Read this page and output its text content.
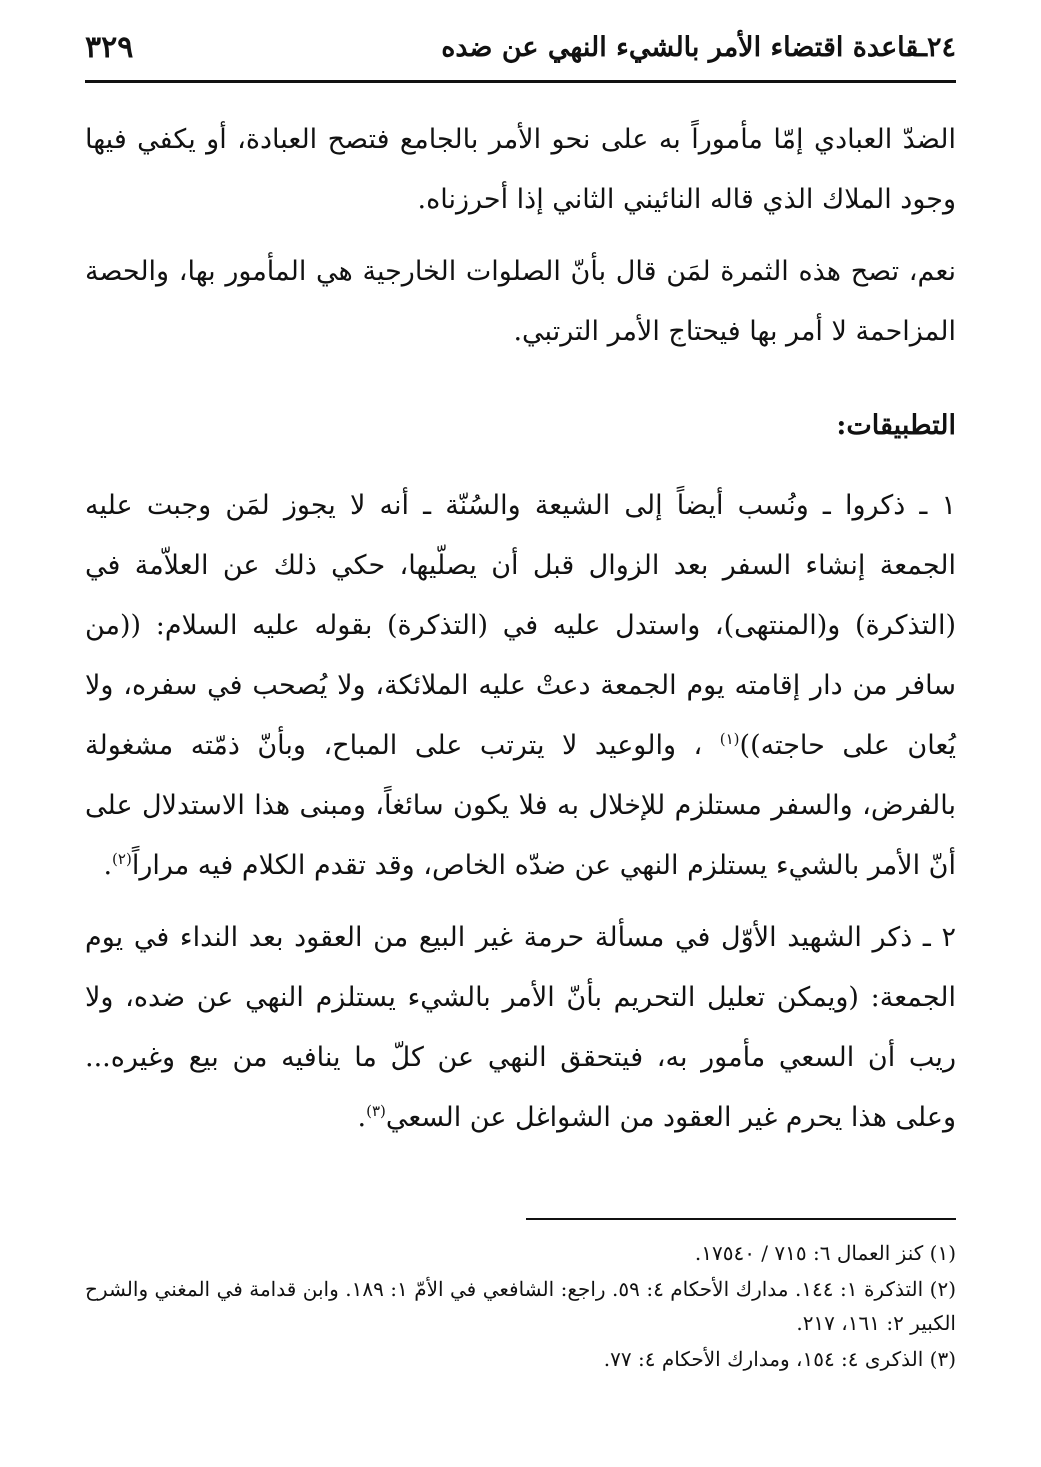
٣٢٩	٢٤ـقاعدة اقتضاء الأمر بالشيء النهي عن ضده

الضدّ العبادي إمّا مأموراً به على نحو الأمر بالجامع فتصح العبادة، أو يكفي فيها وجود الملاك الذي قاله النائيني الثاني إذا أحرزناه.

نعم، تصح هذه الثمرة لمَن قال بأنّ الصلوات الخارجية هي المأمور بها، والحصة المزاحمة لا أمر بها فيحتاج الأمر الترتبي.

التطبيقات:

١ ـ ذكروا ـ ونُسب أيضاً إلى الشيعة والسُنّة ـ أنه لا يجوز لمَن وجبت عليه الجمعة إنشاء السفر بعد الزوال قبل أن يصلّيها، حكي ذلك عن العلاّمة في (التذكرة) و(المنتهى)، واستدل عليه في (التذكرة) بقوله عليه السلام: ((من سافر من دار إقامته يوم الجمعة دعتْ عليه الملائكة، ولا يُصحب في سفره، ولا يُعان على حاجته))$^{(١)}$ ، والوعيد لا يترتب على المباح، وبأنّ ذمّته مشغولة بالفرض، والسفر مستلزم للإخلال به فلا يكون سائغاً، ومبنى هذا الاستدلال على أنّ الأمر بالشيء يستلزم النهي عن ضدّه الخاص، وقد تقدم الكلام فيه مراراً$^{(٢)}$.

٢ ـ ذكر الشهيد الأوّل في مسألة حرمة غير البيع من العقود بعد النداء في يوم الجمعة: (ويمكن تعليل التحريم بأنّ الأمر بالشيء يستلزم النهي عن ضده، ولا ريب أن السعي مأمور به، فيتحقق النهي عن كلّ ما ينافيه من بيع وغيره... وعلى هذا يحرم غير العقود من الشواغل عن السعي$^{(٣)}$.

(١) كنز العمال ٦: ٧١٥ / ١٧٥٤٠.

(٢) التذكرة ١: ١٤٤. مدارك الأحكام ٤: ٥٩. راجع: الشافعي في الأمّ ١: ١٨٩. وابن قدامة في المغني والشرح الكبير ٢: ١٦١، ٢١٧.

(٣) الذكرى ٤: ١٥٤، ومدارك الأحكام ٤: ٧٧.
